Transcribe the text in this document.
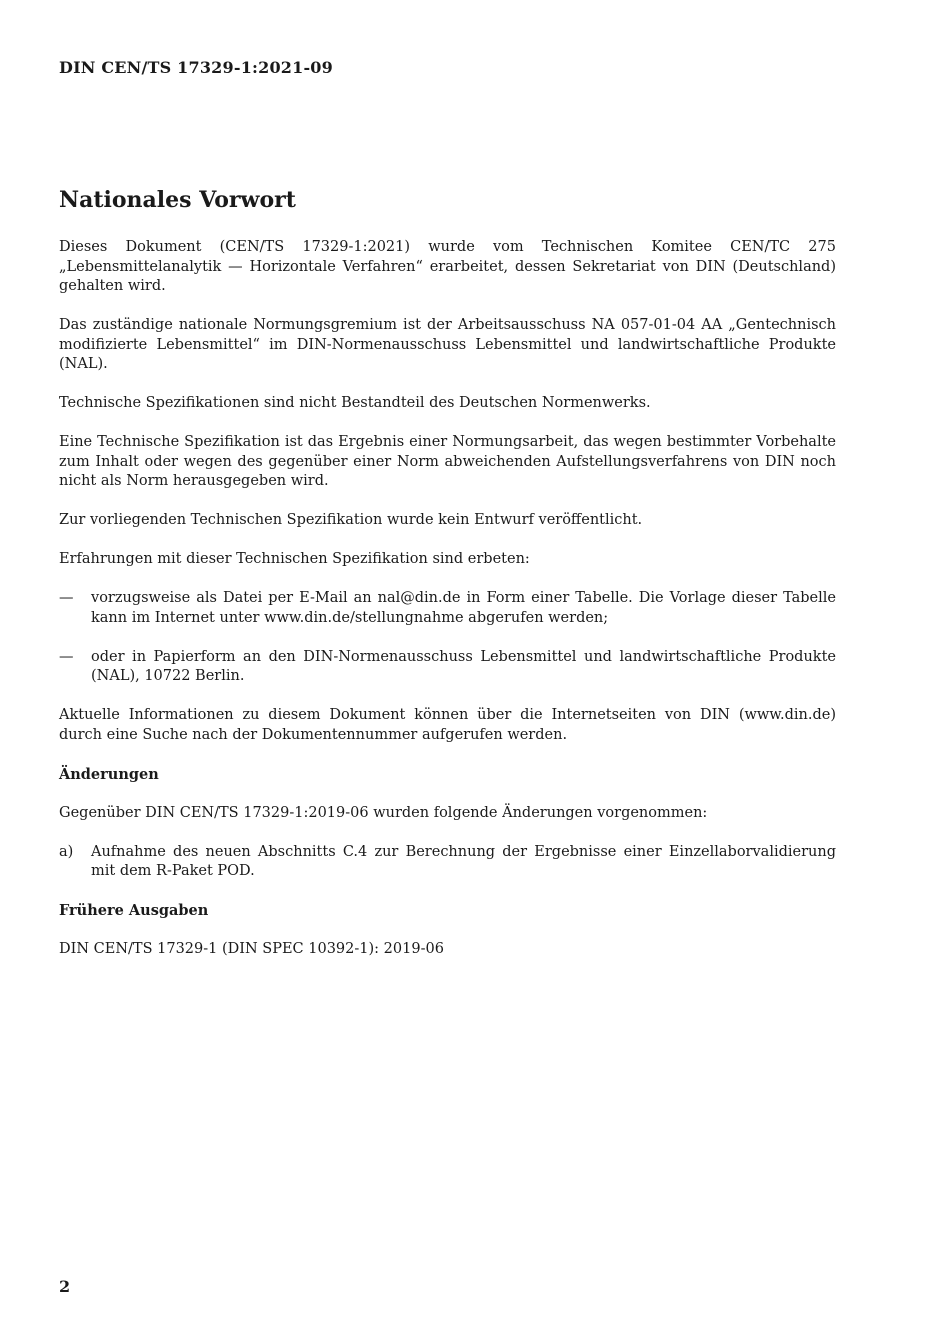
DIN CEN/TS 17329-1:2021-09
Nationales Vorwort

Dieses Dokument (CEN/TS 17329-1:2021) wurde vom Technischen Komitee CEN/TC 275 „Lebensmittelanalytik — Horizontale Verfahren“ erarbeitet, dessen Sekretariat von DIN (Deutschland) gehalten wird.

Das zuständige nationale Normungsgremium ist der Arbeitsausschuss NA 057-01-04 AA „Gentechnisch modifizierte Lebensmittel“ im DIN-Normenausschuss Lebensmittel und landwirtschaftliche Produkte (NAL).

Technische Spezifikationen sind nicht Bestandteil des Deutschen Normenwerks.

Eine Technische Spezifikation ist das Ergebnis einer Normungsarbeit, das wegen bestimmter Vorbehalte zum Inhalt oder wegen des gegenüber einer Norm abweichenden Aufstellungsverfahrens von DIN noch nicht als Norm herausgegeben wird.

Zur vorliegenden Technischen Spezifikation wurde kein Entwurf veröffentlicht.

Erfahrungen mit dieser Technischen Spezifikation sind erbeten:

—	vorzugsweise als Datei per E-Mail an nal@din.de in Form einer Tabelle. Die Vorlage dieser Tabelle kann im Internet unter www.din.de/stellungnahme abgerufen werden;
—	oder in Papierform an den DIN-Normenausschuss Lebensmittel und landwirtschaftliche Produkte (NAL), 10722 Berlin.

Aktuelle Informationen zu diesem Dokument können über die Internetseiten von DIN (www.din.de) durch eine Suche nach der Dokumentennummer aufgerufen werden.

Änderungen

Gegenüber DIN CEN/TS 17329-1:2019-06 wurden folgende Änderungen vorgenommen:

a)	Aufnahme des neuen Abschnitts C.4 zur Berechnung der Ergebnisse einer Einzellaborvalidierung mit dem R-Paket POD.
Frühere Ausgaben

DIN CEN/TS 17329-1 (DIN SPEC 10392-1): 2019-06

2
